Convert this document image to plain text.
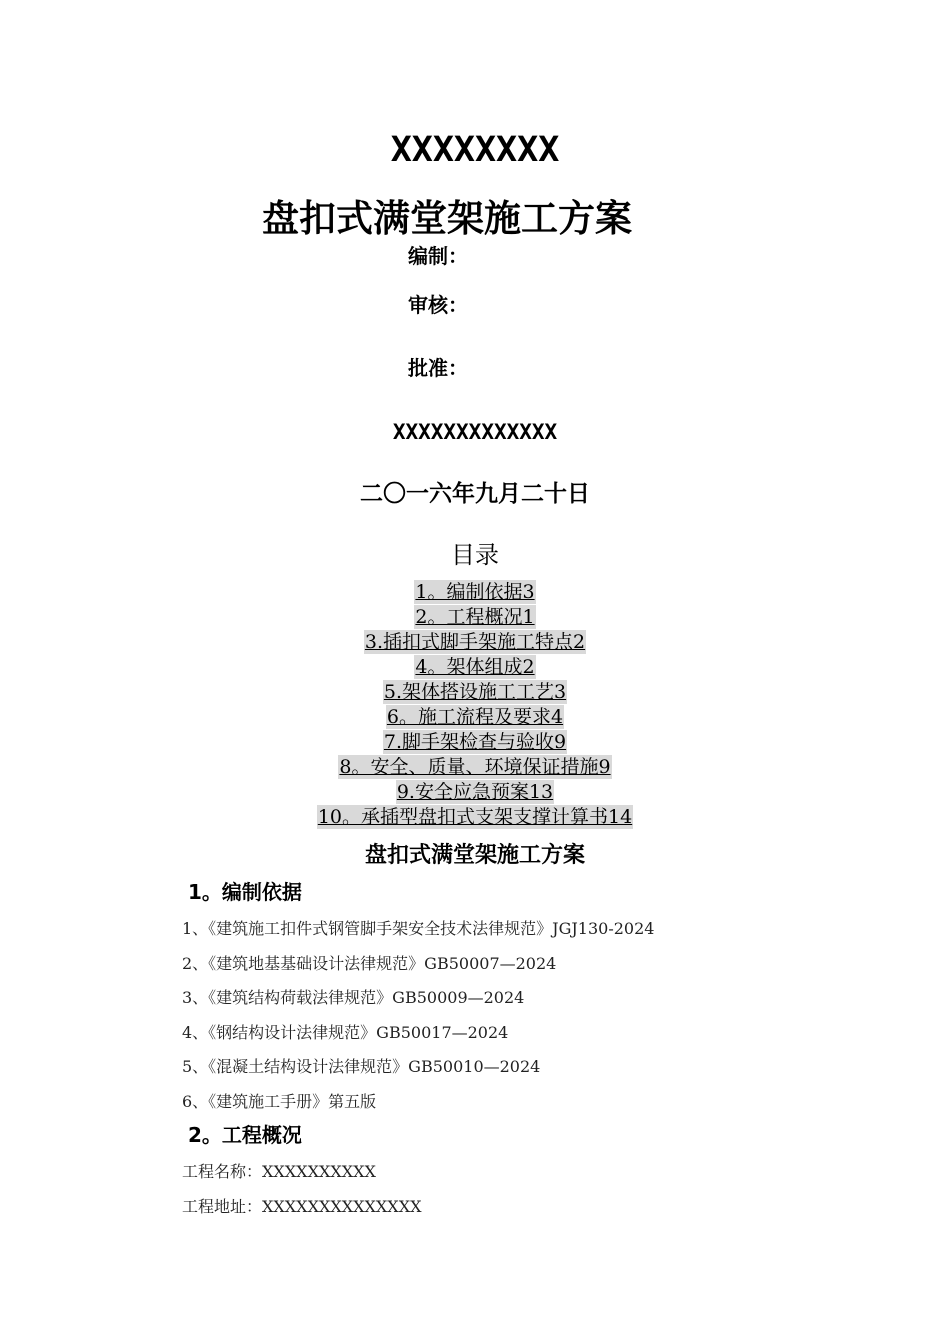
XXXXXXXX
盘扣式满堂架施工方案
编制：
审核：
批准：
XXXXXXXXXXXXX
二〇一六年九月二十日
目录
1。编制依据3
2。工程概况1
3.插扣式脚手架施工特点2
4。架体组成2
5.架体搭设施工工艺3
6。施工流程及要求4
7.脚手架检查与验收9
8。安全、质量、环境保证措施9
9.安全应急预案13
10。承插型盘扣式支架支撑计算书14
盘扣式满堂架施工方案
1。编制依据
1、《建筑施工扣件式钢管脚手架安全技术法律规范》JGJ130-2024
2、《建筑地基基础设计法律规范》GB50007—2024
3、《建筑结构荷载法律规范》GB50009—2024
4、《钢结构设计法律规范》GB50017—2024
5、《混凝土结构设计法律规范》GB50010—2024
6、《建筑施工手册》第五版
2。工程概况
工程名称：XXXXXXXXXX
工程地址：XXXXXXXXXXXXXX
